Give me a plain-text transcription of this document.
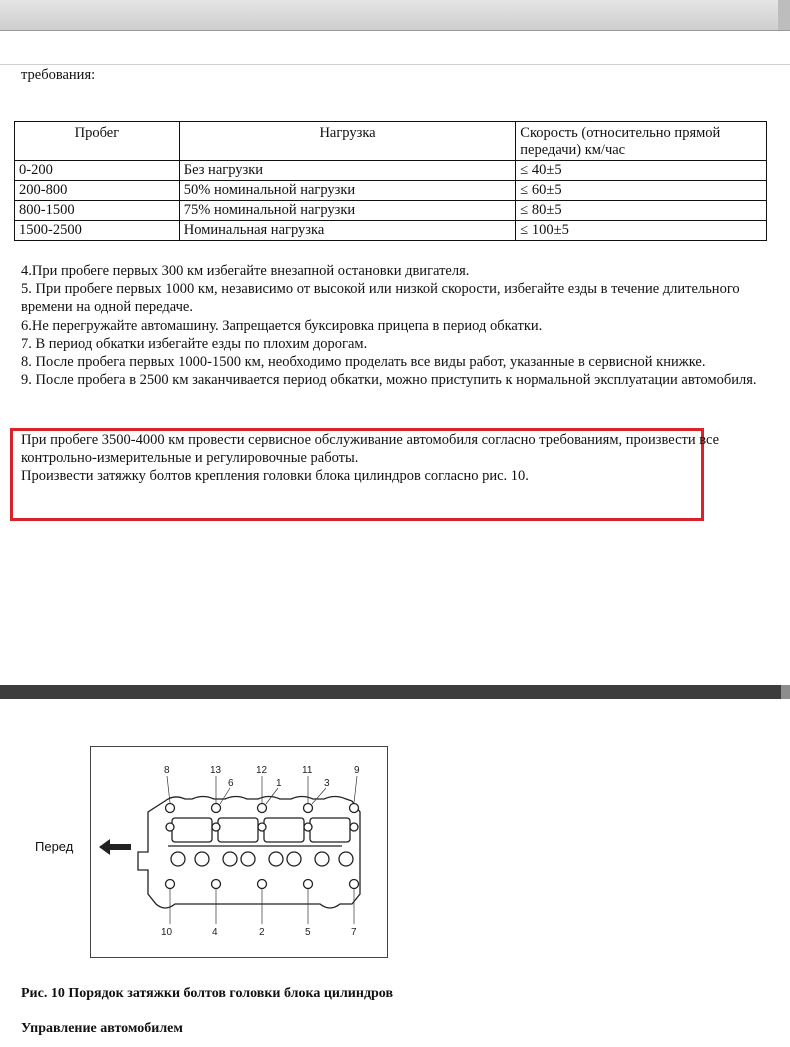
требования:
Пробег	Нагрузка	Скорость (относительно прямой передачи) км/час
0-200	Без нагрузки	≤ 40±5
200-800	50% номинальной нагрузки	≤ 60±5
800-1500	75% номинальной нагрузки	≤ 80±5
1500-2500	Номинальная нагрузка	≤ 100±5

4.При пробеге первых 300 км избегайте внезапной остановки двигателя.

5. При пробеге первых 1000 км, независимо от высокой или низкой скорости, избегайте езды в течение длительного времени на одной передаче.

6.Не перегружайте автомашину. Запрещается буксировка прицепа в период обкатки.

7. В период обкатки избегайте езды по плохим дорогам.

8. После пробега первых 1000-1500 км, необходимо проделать все виды работ, указанные в сервисной книжке.

9. После пробега в 2500 км заканчивается период обкатки, можно приступить к нормальной эксплуатации автомобиля.

При пробеге 3500-4000 км провести сервисное обслуживание автомобиля согласно требованиям, произвести все контрольно-измерительные и регулировочные работы.

Произвести затяжку болтов крепления головки блока цилиндров согласно рис. 10.

8	13
6
12
1
11
3
9
10	4	2	5	7
Перед
Рис. 10 Порядок затяжки болтов головки блока цилиндров
Управление автомобилем
